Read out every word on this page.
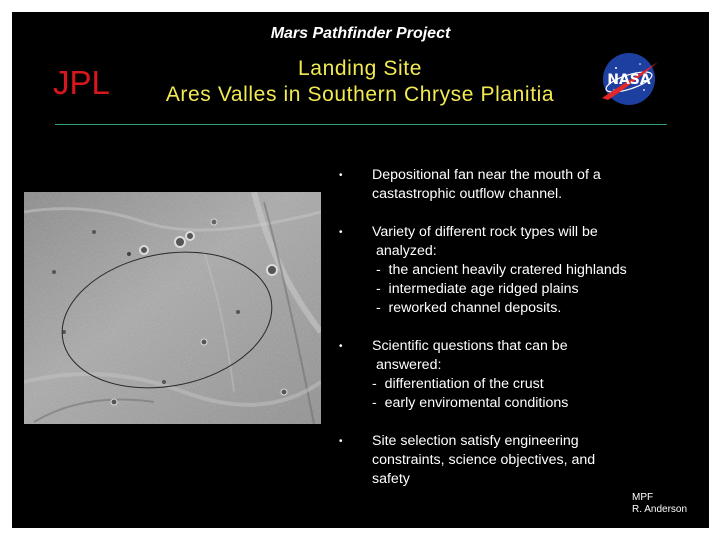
Mars Pathfinder Project
JPL	Landing Site
Ares Valles in Southern Chryse Planitia
NASA
• Depositional fan near the mouth of a
castastrophic outflow channel.
• Variety of different rock types will be
analyzed:
-  the ancient heavily cratered highlands
-  intermediate age ridged plains
-  reworked channel deposits.
• Scientific questions that can be
answered:
-  differentiation of the crust
-  early enviromental conditions
• Site selection satisfy engineering
constraints, science objectives, and
safety
MPF
R. Anderson
